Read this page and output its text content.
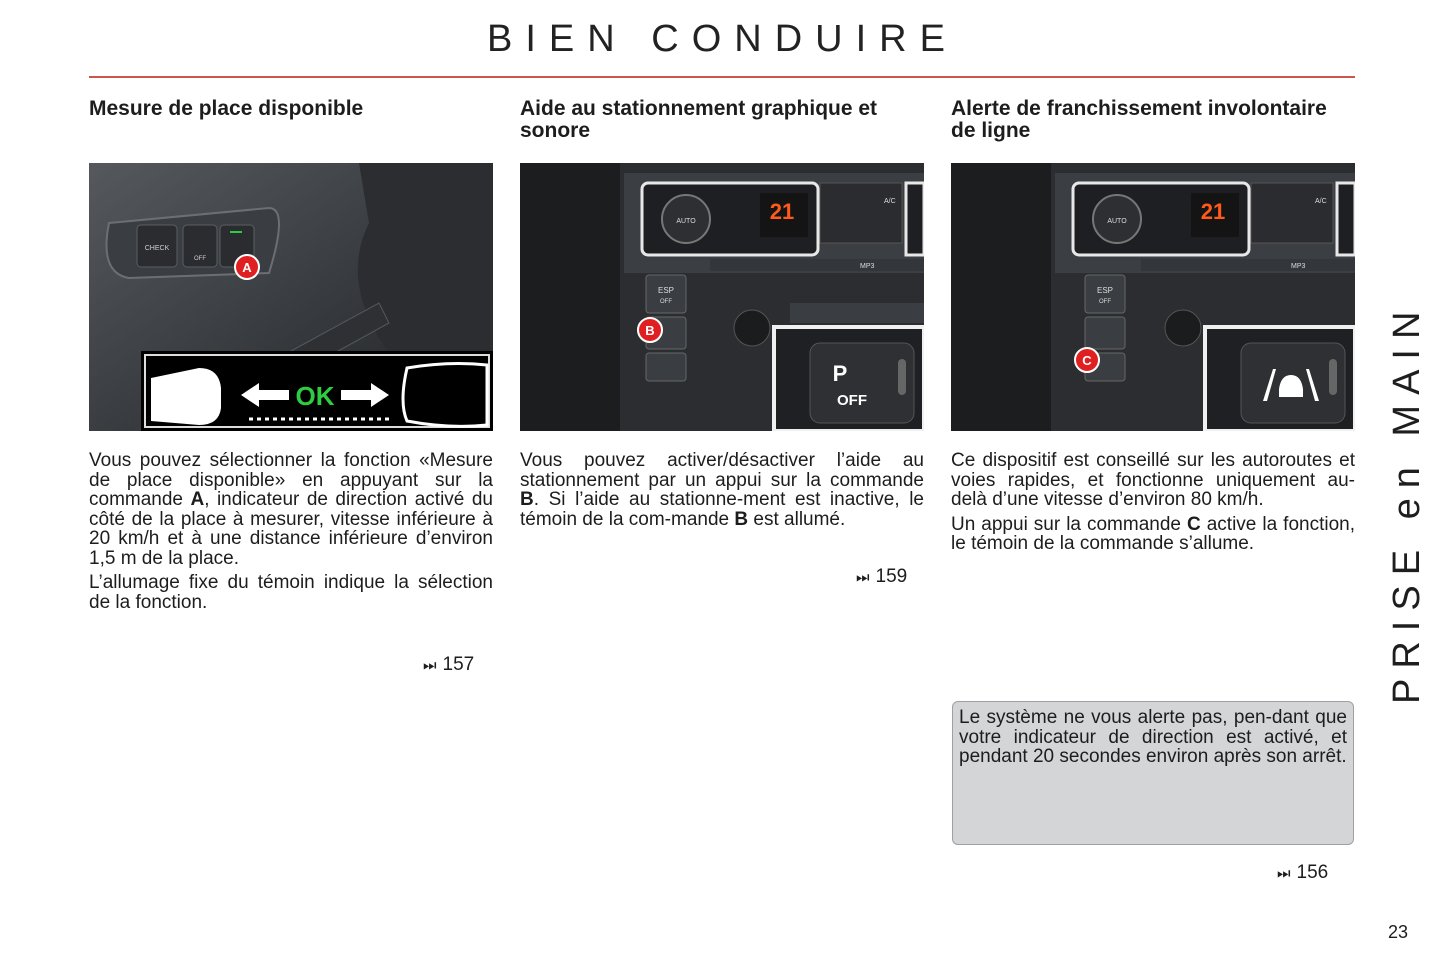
BIEN CONDUIRE
Mesure de place disponible
CHECK
OFF
A
OK

Vous pouvez sélectionner la fonction «Mesure de place disponible» en appuyant sur la commande A, indicateur de direction activé du côté de la place à mesurer, vitesse inférieure à 20 km/h et à une distance inférieure d’environ 1,5 m de la place.

L’allumage fixe du témoin indique la sélection de la fonction.

⏭ 157
Aide au stationnement graphique et sonore
AUTO	21	A/C
MP3
ESP
OFF
B
P
OFF

Vous pouvez activer/désactiver l’aide au stationnement par un appui sur la commande B. Si l’aide au stationne-ment est inactive, le témoin de la com-mande B est allumé.

⏭ 159
Alerte de franchissement involontaire de ligne
AUTO	21	A/C
MP3
ESP
OFF
C

Ce dispositif est conseillé sur les autoroutes et voies rapides, et fonctionne uniquement au-delà d’une vitesse d’environ 80 km/h.

Un appui sur la commande C active la fonction, le témoin de la commande s’allume.

⏭ 156
Le système ne vous alerte pas, pen-dant que votre indicateur de direction est activé, et pendant 20 secondes environ après son arrêt.
PRISE en MAIN
23
